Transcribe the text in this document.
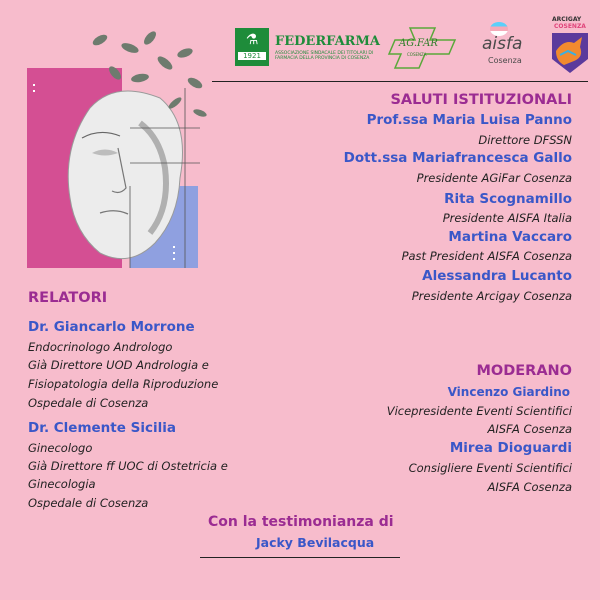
⚗
1921
FEDERFARMA
ASSOCIAZIONE SINDACALE DEI TITOLARI DI FARMACIA DELLA PROVINCIA DI COSENZA
AG.FAR
COSENZA
aisfa
Cosenza
ARCIGAY
COSENZA
SALUTI ISTITUZIONALI
Prof.ssa Maria Luisa Panno
Direttore DFSSN
Dott.ssa Mariafrancesca Gallo
Presidente AGiFar Cosenza
Rita Scognamillo
Presidente AISFA Italia
Martina Vaccaro
Past President AISFA Cosenza
Alessandra Lucanto
Presidente Arcigay Cosenza
RELATORI
Dr. Giancarlo Morrone
Endocrinologo Andrologo
Già Direttore UOD Andrologia e
Fisiopatologia della Riproduzione
Ospedale di Cosenza
Dr. Clemente Sicilia
Ginecologo
Già Direttore ff UOC di Ostetricia e
Ginecologia
Ospedale di Cosenza
MODERANO
Vincenzo Giardino
Vicepresidente Eventi Scientifici
AISFA Cosenza
Mirea Dioguardi
Consigliere Eventi Scientifici
AISFA Cosenza
Con la testimonianza di
Jacky Bevilacqua
